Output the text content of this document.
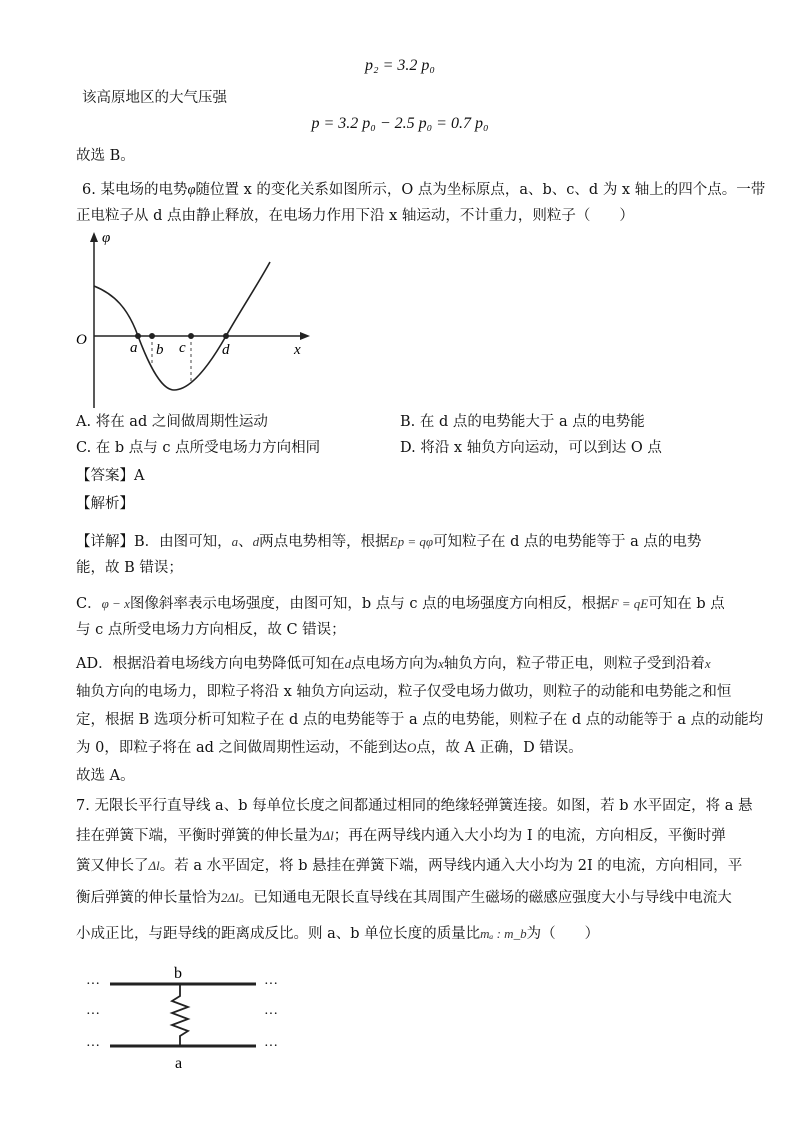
p₂ = 3.2 p₀
该高原地区的大气压强
p = 3.2 p₀ − 2.5 p₀ = 0.7 p₀
故选 B。
6. 某电场的电势φ随位置 x 的变化关系如图所示，O 点为坐标原点，a、b、c、d 为 x 轴上的四个点。一带
正电粒子从 d 点由静止释放，在电场力作用下沿 x 轴运动，不计重力，则粒子（　　）
φ
x
O	a b c d
A. 将在 ad 之间做周期性运动	B. 在 d 点的电势能大于 a 点的电势能
C. 在 b 点与 c 点所受电场力方向相同	D. 将沿 x 轴负方向运动，可以到达 O 点
【答案】A
【解析】
【详解】B．由图可知，a、d两点电势相等，根据Ep = qφ可知粒子在 d 点的电势能等于 a 点的电势
能，故 B 错误；
C．φ − x图像斜率表示电场强度，由图可知，b 点与 c 点的电场强度方向相反，根据F = qE可知在 b 点
与 c 点所受电场力方向相反，故 C 错误；
AD．根据沿着电场线方向电势降低可知在d点电场方向为x轴负方向，粒子带正电，则粒子受到沿着x
轴负方向的电场力，即粒子将沿 x 轴负方向运动，粒子仅受电场力做功，则粒子的动能和电势能之和恒
定，根据 B 选项分析可知粒子在 d 点的电势能等于 a 点的电势能，则粒子在 d 点的动能等于 a 点的动能均
为 0，即粒子将在 ad 之间做周期性运动，不能到达O点，故 A 正确，D 错误。
故选 A。
7. 无限长平行直导线 a、b 每单位长度之间都通过相同的绝缘轻弹簧连接。如图，若 b 水平固定，将 a 悬
挂在弹簧下端，平衡时弹簧的伸长量为Δl；再在两导线内通入大小均为 I 的电流，方向相反，平衡时弹
簧又伸长了Δl。若 a 水平固定，将 b 悬挂在弹簧下端，两导线内通入大小均为 2I 的电流，方向相同，平
衡后弹簧的伸长量恰为2Δl。已知通电无限长直导线在其周围产生磁场的磁感应强度大小与导线中电流大
小成正比，与距导线的距离成反比。则 a、b 单位长度的质量比mₐ : m_b为（　　）
b
···	···
···	···
···	···
a
